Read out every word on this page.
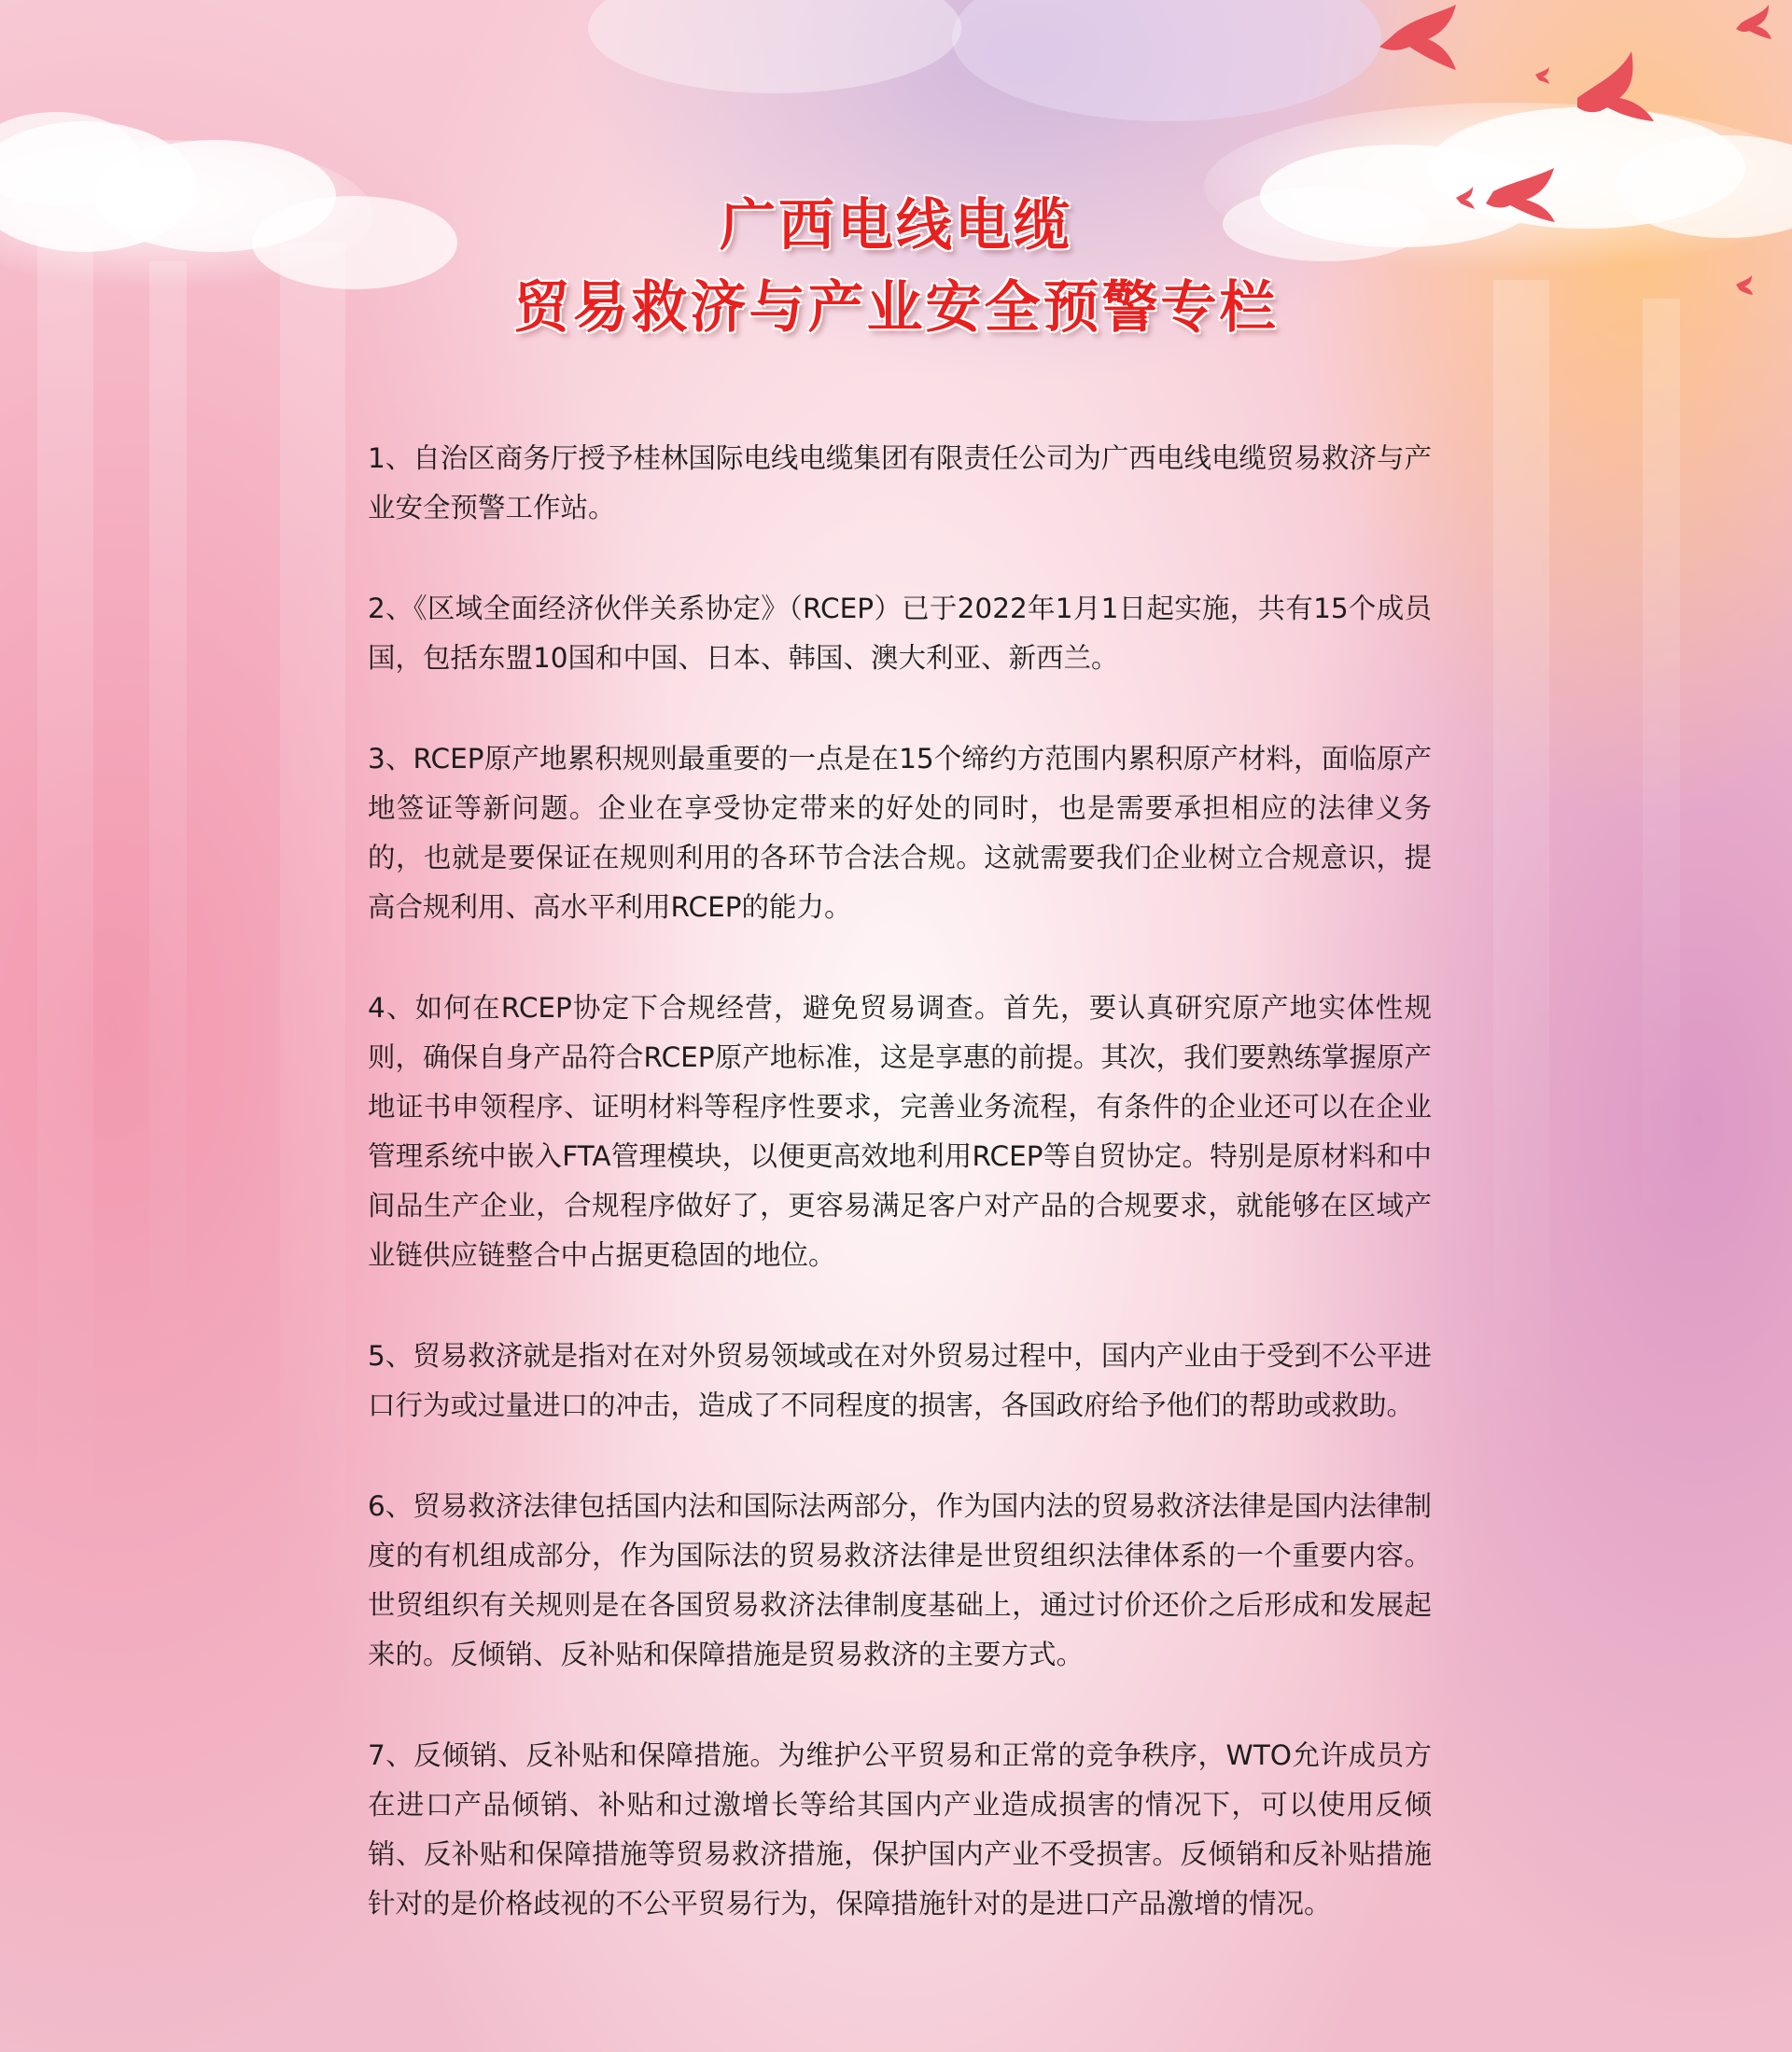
广西电线电缆
贸易救济与产业安全预警专栏

1、自治区商务厅授予桂林国际电线电缆集团有限责任公司为广西电线电缆贸易救济与产业安全预警工作站。

2、《区域全面经济伙伴关系协定》（RCEP）已于2022年1月1日起实施，共有15个成员国，包括东盟10国和中国、日本、韩国、澳大利亚、新西兰。

3、RCEP原产地累积规则最重要的一点是在15个缔约方范围内累积原产材料，面临原产地签证等新问题。企业在享受协定带来的好处的同时，也是需要承担相应的法律义务的，也就是要保证在规则利用的各环节合法合规。这就需要我们企业树立合规意识，提高合规利用、高水平利用RCEP的能力。

4、如何在RCEP协定下合规经营，避免贸易调查。首先，要认真研究原产地实体性规则，确保自身产品符合RCEP原产地标准，这是享惠的前提。其次，我们要熟练掌握原产地证书申领程序、证明材料等程序性要求，完善业务流程，有条件的企业还可以在企业管理系统中嵌入FTA管理模块，以便更高效地利用RCEP等自贸协定。特别是原材料和中间品生产企业，合规程序做好了，更容易满足客户对产品的合规要求，就能够在区域产业链供应链整合中占据更稳固的地位。

5、贸易救济就是指对在对外贸易领域或在对外贸易过程中，国内产业由于受到不公平进口行为或过量进口的冲击，造成了不同程度的损害，各国政府给予他们的帮助或救助。

6、贸易救济法律包括国内法和国际法两部分，作为国内法的贸易救济法律是国内法律制度的有机组成部分，作为国际法的贸易救济法律是世贸组织法律体系的一个重要内容。世贸组织有关规则是在各国贸易救济法律制度基础上，通过讨价还价之后形成和发展起来的。反倾销、反补贴和保障措施是贸易救济的主要方式。

7、反倾销、反补贴和保障措施。为维护公平贸易和正常的竞争秩序，WTO允许成员方在进口产品倾销、补贴和过激增长等给其国内产业造成损害的情况下，可以使用反倾销、反补贴和保障措施等贸易救济措施，保护国内产业不受损害。反倾销和反补贴措施针对的是价格歧视的不公平贸易行为，保障措施针对的是进口产品激增的情况。
